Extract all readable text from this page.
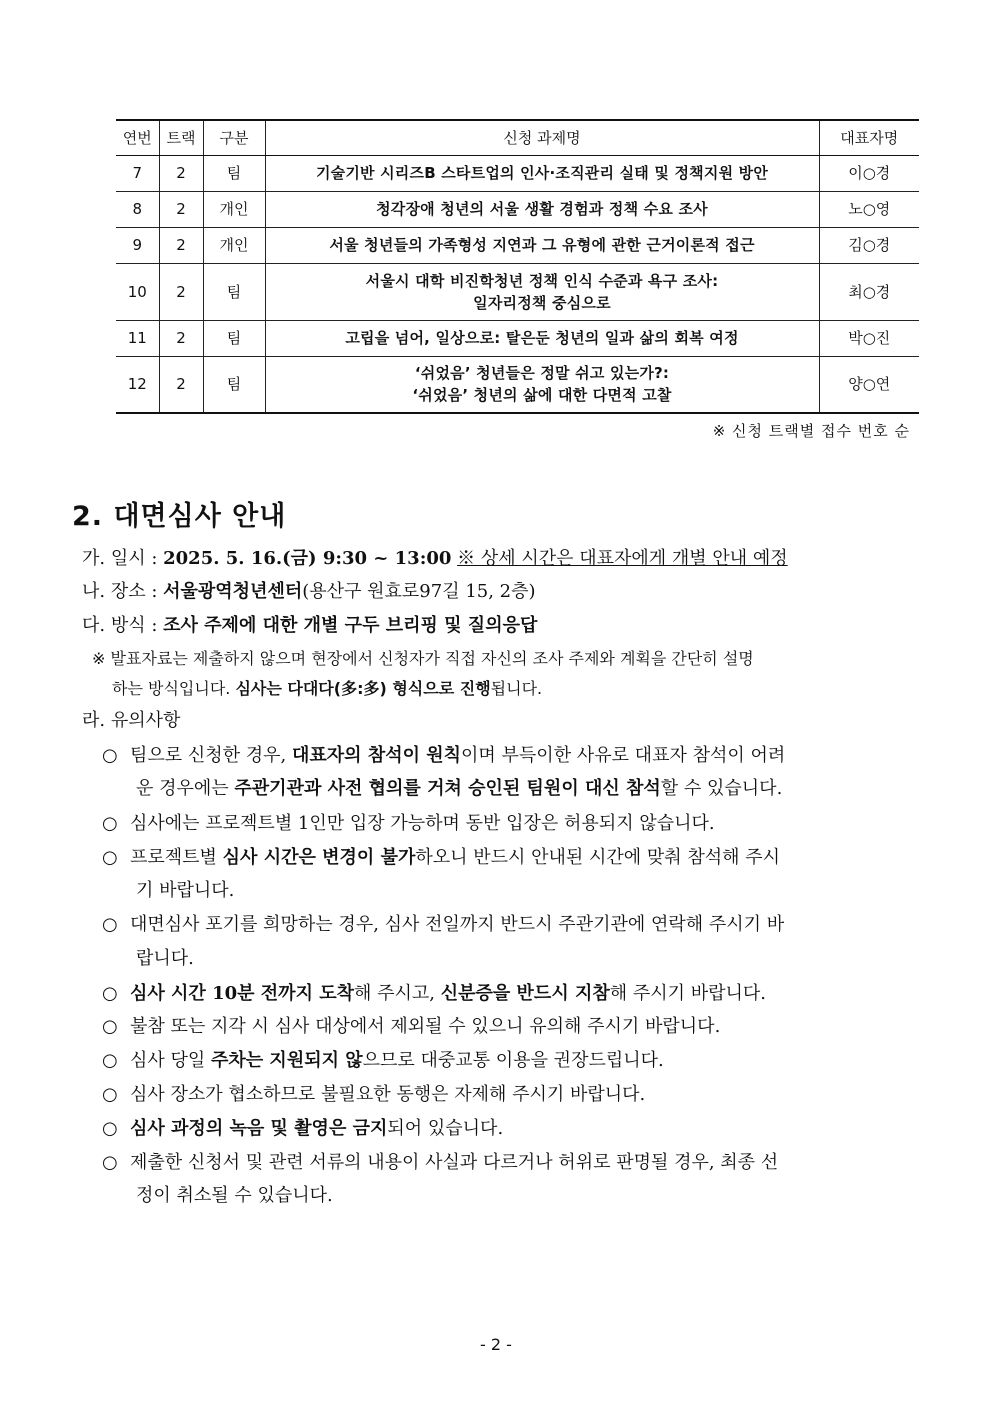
연번	트랙	구분	신청 과제명	대표자명
7	2	팀	기술기반 시리즈B 스타트업의 인사·조직관리 실태 및 정책지원 방안	이○경
8	2	개인	청각장애 청년의 서울 생활 경험과 정책 수요 조사	노○영
9	2	개인	서울 청년들의 가족형성 지연과 그 유형에 관한 근거이론적 접근	김○경
10	2	팀	서울시 대학 비진학청년 정책 인식 수준과 욕구 조사:
일자리정책 중심으로	최○경
11	2	팀	고립을 넘어, 일상으로: 탈은둔 청년의 일과 삶의 회복 여정	박○진
12	2	팀	‘쉬었음’ 청년들은 정말 쉬고 있는가?:
‘쉬었음’ 청년의 삶에 대한 다면적 고찰	양○연
※ 신청 트랙별 접수 번호 순
2. 대면심사 안내
가. 일시 : 2025. 5. 16.(금) 9:30 ~ 13:00 ※ 상세 시간은 대표자에게 개별 안내 예정
나. 장소 : 서울광역청년센터(용산구 원효로97길 15, 2층)
다. 방식 : 조사 주제에 대한 개별 구두 브리핑 및 질의응답
※ 발표자료는 제출하지 않으며 현장에서 신청자가 직접 자신의 조사 주제와 계획을 간단히 설명
하는 방식입니다. 심사는 다대다(多:多) 형식으로 진행됩니다.
라. 유의사항
○ 팀으로 신청한 경우, 대표자의 참석이 원칙이며 부득이한 사유로 대표자 참석이 어려
운 경우에는 주관기관과 사전 협의를 거쳐 승인된 팀원이 대신 참석할 수 있습니다.
○ 심사에는 프로젝트별 1인만 입장 가능하며 동반 입장은 허용되지 않습니다.
○ 프로젝트별 심사 시간은 변경이 불가하오니 반드시 안내된 시간에 맞춰 참석해 주시
기 바랍니다.
○ 대면심사 포기를 희망하는 경우, 심사 전일까지 반드시 주관기관에 연락해 주시기 바
랍니다.
○ 심사 시간 10분 전까지 도착해 주시고, 신분증을 반드시 지참해 주시기 바랍니다.
○ 불참 또는 지각 시 심사 대상에서 제외될 수 있으니 유의해 주시기 바랍니다.
○ 심사 당일 주차는 지원되지 않으므로 대중교통 이용을 권장드립니다.
○ 심사 장소가 협소하므로 불필요한 동행은 자제해 주시기 바랍니다.
○ 심사 과정의 녹음 및 촬영은 금지되어 있습니다.
○ 제출한 신청서 및 관련 서류의 내용이 사실과 다르거나 허위로 판명될 경우, 최종 선
정이 취소될 수 있습니다.
- 2 -
